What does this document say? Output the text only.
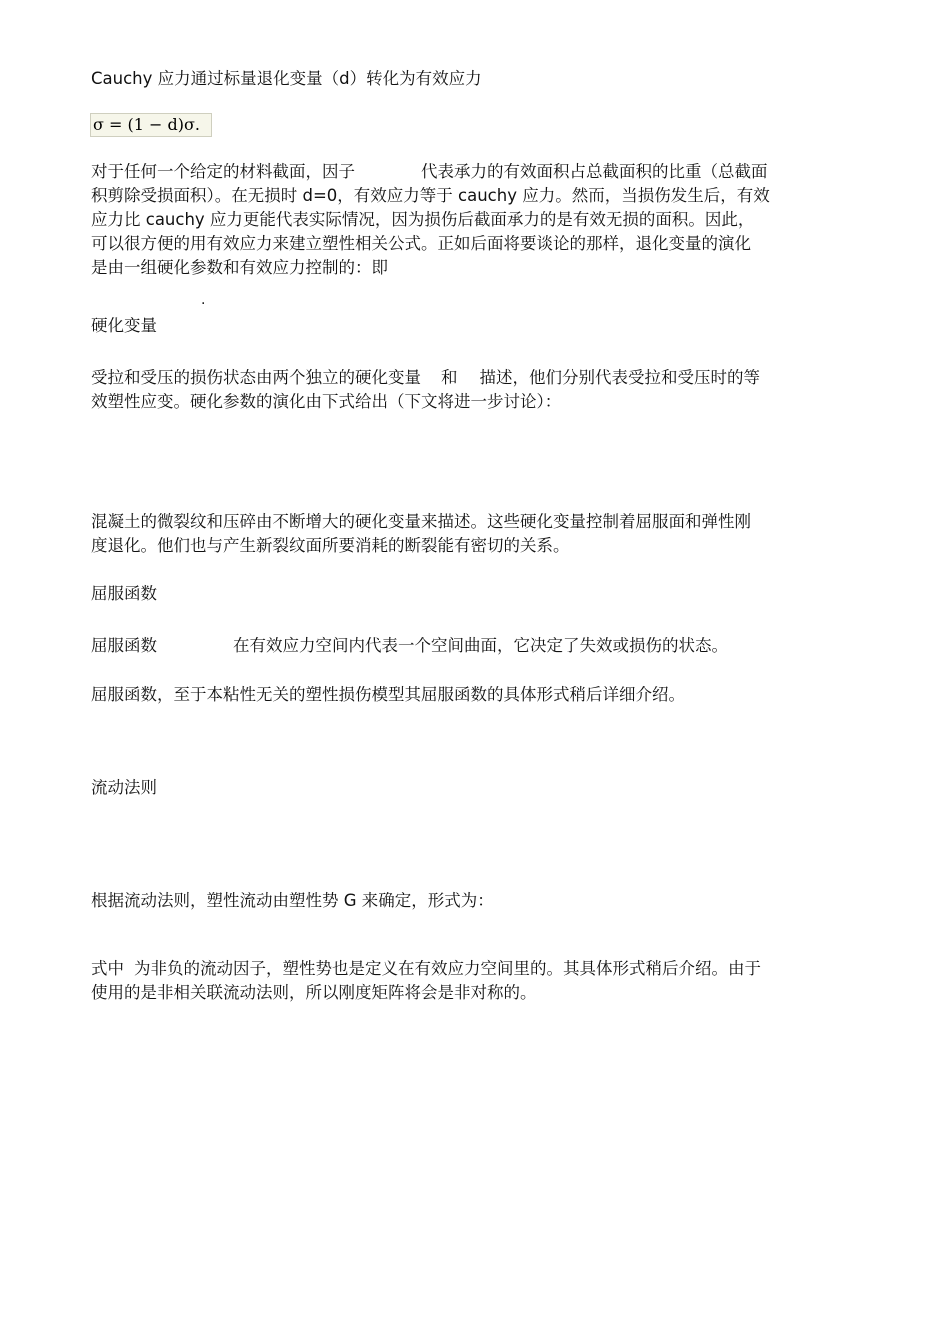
Cauchy 应力通过标量退化变量（d）转化为有效应力

σ = (1 − d)σ.
对于任何一个给定的材料截面，因子	代表承力的有效面积占总截面积的比重（总截面
积剪除受损面积）。在无损时 d=0，有效应力等于 cauchy 应力。然而，当损伤发生后，有效
应力比 cauchy 应力更能代表实际情况，因为损伤后截面承力的是有效无损的面积。因此，
可以很方便的用有效应力来建立塑性相关公式。正如后面将要谈论的那样，退化变量的演化
是由一组硬化参数和有效应力控制的：即
.

硬化变量

受拉和受压的损伤状态由两个独立的硬化变量 和 描述，他们分别代表受拉和受压时的等
效塑性应变。硬化参数的演化由下式给出（下文将进一步讨论）：
混凝土的微裂纹和压碎由不断增大的硬化变量来描述。这些硬化变量控制着屈服面和弹性刚
度退化。他们也与产生新裂纹面所要消耗的断裂能有密切的关系。

屈服函数

屈服函数	在有效应力空间内代表一个空间曲面，它决定了失效或损伤的状态。

屈服函数，至于本粘性无关的塑性损伤模型其屈服函数的具体形式稍后详细介绍。

流动法则

根据流动法则，塑性流动由塑性势 G 来确定，形式为：

式中 为非负的流动因子，塑性势也是定义在有效应力空间里的。其具体形式稍后介绍。由于
使用的是非相关联流动法则，所以刚度矩阵将会是非对称的。
